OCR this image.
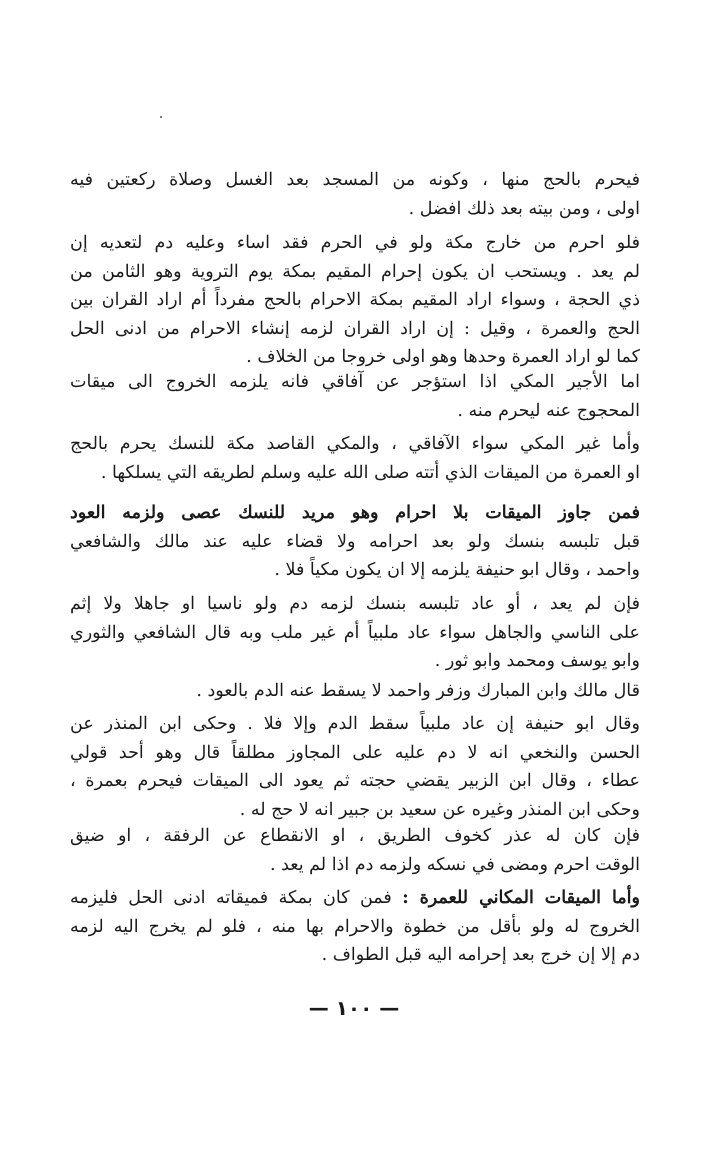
فيحرم بالحج منها ، وكونه من المسجد بعد الغسل وصلاة ركعتين فيه
اولى ، ومن بيته بعد ذلك افضل .
فلو احرم من خارج مكة ولو في الحرم فقد اساء وعليه دم لتعديه إن
لم يعد . ويستحب ان يكون إحرام المقيم بمكة يوم التروية وهو الثامن من
ذي الحجة ، وسواء اراد المقيم بمكة الاحرام بالحج مفرداً أم اراد القران بين
الحج والعمرة ، وقيل : إن اراد القران لزمه إنشاء الاحرام من ادنى الحل
كما لو اراد العمرة وحدها وهو اولى خروجا من الخلاف .
اما الأجير المكي اذا استؤجر عن آفاقي فانه يلزمه الخروج الى ميقات
المحجوج عنه ليحرم منه .
وأما غير المكي سواء الآفاقي ، والمكي القاصد مكة للنسك يحرم بالحج
او العمرة من الميقات الذي أتته صلى الله عليه وسلم لطريقه التي يسلكها .
فمن جاوز الميقات بلا احرام وهو مريد للنسك عصى ولزمه العود
قبل تلبسه بنسك ولو بعد احرامه ولا قضاء عليه عند مالك والشافعي
واحمد ، وقال ابو حنيفة يلزمه إلا ان يكون مكياً فلا .
فإن لم يعد ، أو عاد تلبسه بنسك لزمه دم ولو ناسيا او جاهلا ولا إثم
على الناسي والجاهل سواء عاد ملبياً أم غير ملب وبه قال الشافعي والثوري
وابو يوسف ومحمد وابو ثور .
قال مالك وابن المبارك وزفر واحمد لا يسقط عنه الدم بالعود .
وقال ابو حنيفة إن عاد ملبياً سقط الدم وإلا فلا . وحكى ابن المنذر عن
الحسن والنخعي انه لا دم عليه على المجاوز مطلقاً قال وهو أحد قولي
عطاء ، وقال ابن الزبير يقضي حجته ثم يعود الى الميقات فيحرم بعمرة ،
وحكى ابن المنذر وغيره عن سعيد بن جبير انه لا حج له .
فإن كان له عذر كخوف الطريق ، او الانقطاع عن الرفقة ، او ضيق
الوقت احرم ومضى في نسكه ولزمه دم اذا لم يعد .
وأما الميقات المكاني للعمرة : فمن كان بمكة فميقاته ادنى الحل فليزمه
الخروج له ولو بأقل من خطوة والاحرام بها منه ، فلو لم يخرج اليه لزمه
دم إلا إن خرج بعد إحرامه اليه قبل الطواف .
— ١٠٠ —
